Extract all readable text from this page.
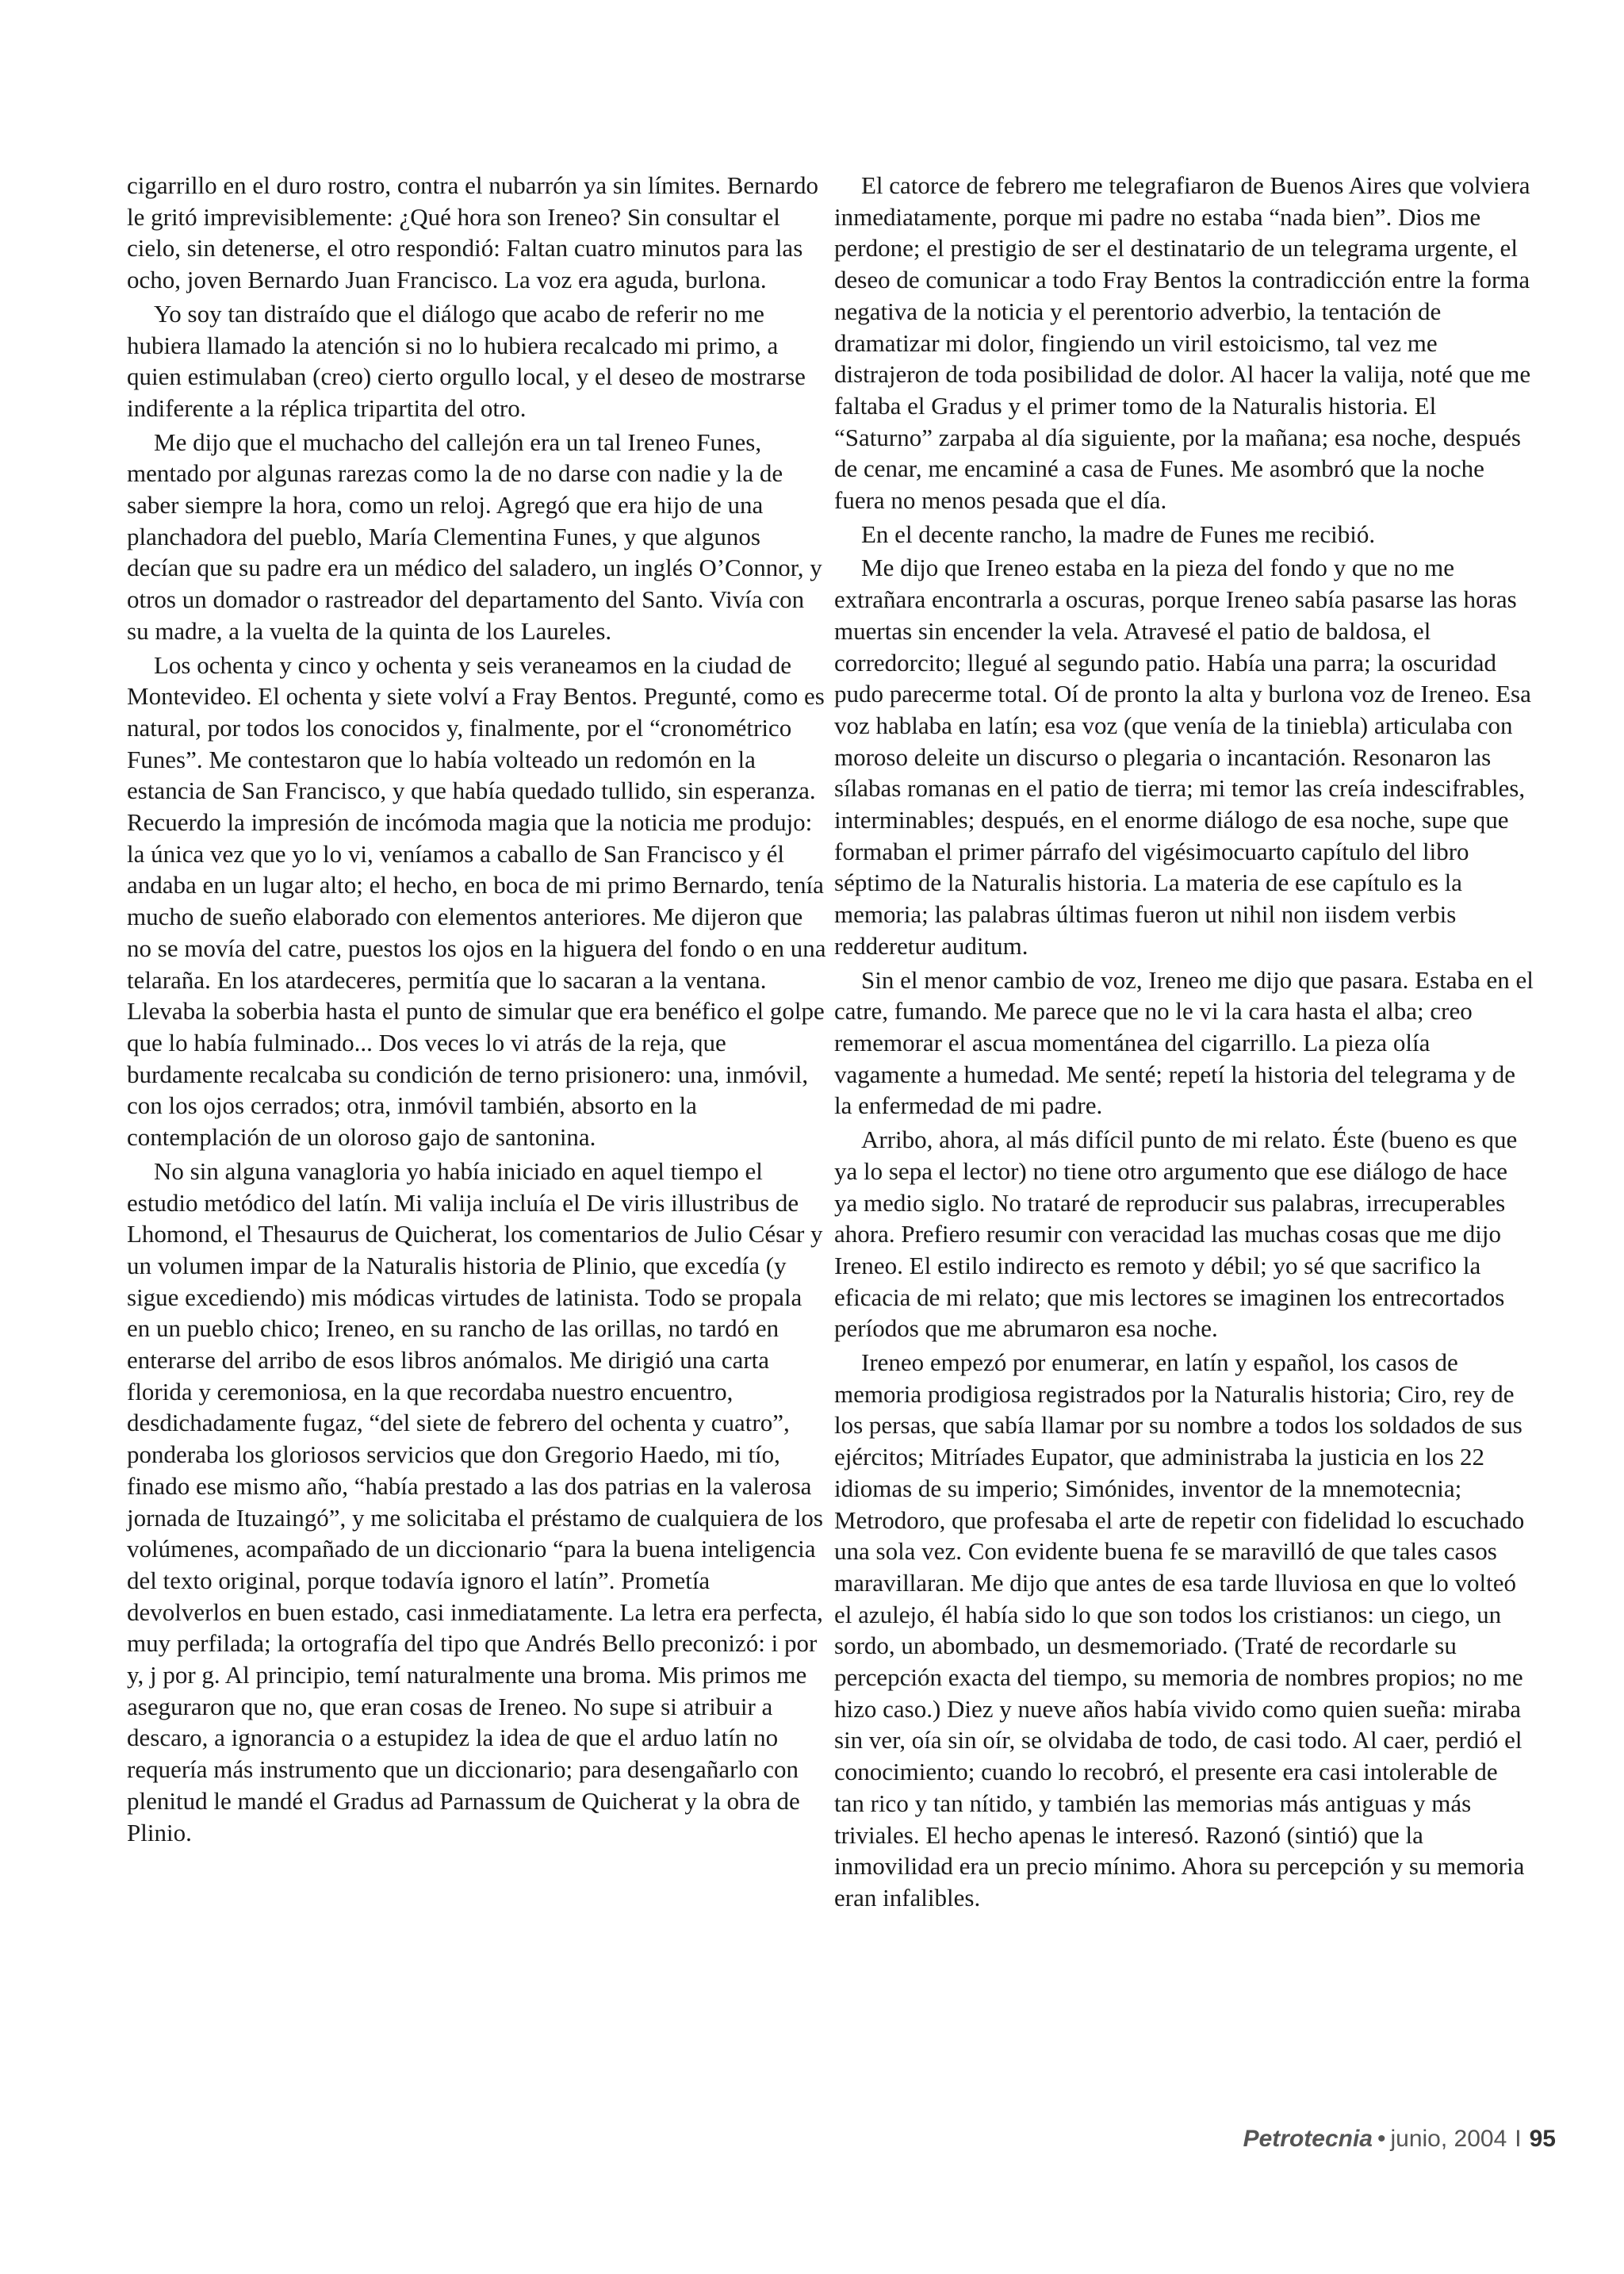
cigarrillo en el duro rostro, contra el nubarrón ya sin límites. Bernardo le gritó imprevisiblemente: ¿Qué hora son Ireneo? Sin consultar el cielo, sin detenerse, el otro respondió: Faltan cuatro minutos para las ocho, joven Bernardo Juan Francisco. La voz era aguda, burlona.

Yo soy tan distraído que el diálogo que acabo de referir no me hubiera llamado la atención si no lo hubiera recalcado mi primo, a quien estimulaban (creo) cierto orgullo local, y el deseo de mostrarse indiferente a la réplica tripartita del otro.

Me dijo que el muchacho del callejón era un tal Ireneo Funes, mentado por algunas rarezas como la de no darse con nadie y la de saber siempre la hora, como un reloj. Agregó que era hijo de una planchadora del pueblo, María Clementina Funes, y que algunos decían que su padre era un médico del saladero, un inglés O’Connor, y otros un domador o rastreador del departamento del Santo. Vivía con su madre, a la vuelta de la quinta de los Laureles.

Los ochenta y cinco y ochenta y seis veraneamos en la ciudad de Montevideo. El ochenta y siete volví a Fray Bentos. Pregunté, como es natural, por todos los conocidos y, finalmente, por el “cronométrico Funes”. Me contestaron que lo había volteado un redomón en la estancia de San Francisco, y que había quedado tullido, sin esperanza. Recuerdo la impresión de incómoda magia que la noticia me produjo: la única vez que yo lo vi, veníamos a caballo de San Francisco y él andaba en un lugar alto; el hecho, en boca de mi primo Bernardo, tenía mucho de sueño elaborado con elementos anteriores. Me dijeron que no se movía del catre, puestos los ojos en la higuera del fondo o en una telaraña. En los atardeceres, permitía que lo sacaran a la ventana. Llevaba la soberbia hasta el punto de simular que era benéfico el golpe que lo había fulminado... Dos veces lo vi atrás de la reja, que burdamente recalcaba su condición de terno prisionero: una, inmóvil, con los ojos cerrados; otra, inmóvil también, absorto en la contemplación de un oloroso gajo de santonina.

No sin alguna vanagloria yo había iniciado en aquel tiempo el estudio metódico del latín. Mi valija incluía el De viris illustribus de Lhomond, el Thesaurus de Quicherat, los comentarios de Julio César y un volumen impar de la Naturalis historia de Plinio, que excedía (y sigue excediendo) mis módicas virtudes de latinista. Todo se propala en un pueblo chico; Ireneo, en su rancho de las orillas, no tardó en enterarse del arribo de esos libros anómalos. Me dirigió una carta florida y ceremoniosa, en la que recordaba nuestro encuentro, desdichadamente fugaz, “del siete de febrero del ochenta y cuatro”, ponderaba los gloriosos servicios que don Gregorio Haedo, mi tío, finado ese mismo año, “había prestado a las dos patrias en la valerosa jornada de Ituzaingó”, y me solicitaba el préstamo de cualquiera de los volúmenes, acompañado de un diccionario “para la buena inteligencia del texto original, porque todavía ignoro el latín”. Prometía devolverlos en buen estado, casi inmediatamente. La letra era perfecta, muy perfilada; la ortografía del tipo que Andrés Bello preconizó: i por y, j por g. Al principio, temí naturalmente una broma. Mis primos me aseguraron que no, que eran cosas de Ireneo. No supe si atribuir a descaro, a ignorancia o a estupidez la idea de que el arduo latín no requería más instrumento que un diccionario; para desengañarlo con plenitud le mandé el Gradus ad Parnassum de Quicherat y la obra de Plinio.

El catorce de febrero me telegrafiaron de Buenos Aires que volviera inmediatamente, porque mi padre no estaba “nada bien”. Dios me perdone; el prestigio de ser el destinatario de un telegrama urgente, el deseo de comunicar a todo Fray Bentos la contradicción entre la forma negativa de la noticia y el perentorio adverbio, la tentación de dramatizar mi dolor, fingiendo un viril estoicismo, tal vez me distrajeron de toda posibilidad de dolor. Al hacer la valija, noté que me faltaba el Gradus y el primer tomo de la Naturalis historia. El “Saturno” zarpaba al día siguiente, por la mañana; esa noche, después de cenar, me encaminé a casa de Funes. Me asombró que la noche fuera no menos pesada que el día.

En el decente rancho, la madre de Funes me recibió.

Me dijo que Ireneo estaba en la pieza del fondo y que no me extrañara encontrarla a oscuras, porque Ireneo sabía pasarse las horas muertas sin encender la vela. Atravesé el patio de baldosa, el corredorcito; llegué al segundo patio. Había una parra; la oscuridad pudo parecerme total. Oí de pronto la alta y burlona voz de Ireneo. Esa voz hablaba en latín; esa voz (que venía de la tiniebla) articulaba con moroso deleite un discurso o plegaria o incantación. Resonaron las sílabas romanas en el patio de tierra; mi temor las creía indescifrables, interminables; después, en el enorme diálogo de esa noche, supe que formaban el primer párrafo del vigésimocuarto capítulo del libro séptimo de la Naturalis historia. La materia de ese capítulo es la memoria; las palabras últimas fueron ut nihil non iisdem verbis redderetur auditum.

Sin el menor cambio de voz, Ireneo me dijo que pasara. Estaba en el catre, fumando. Me parece que no le vi la cara hasta el alba; creo rememorar el ascua momentánea del cigarrillo. La pieza olía vagamente a humedad. Me senté; repetí la historia del telegrama y de la enfermedad de mi padre.

Arribo, ahora, al más difícil punto de mi relato. Éste (bueno es que ya lo sepa el lector) no tiene otro argumento que ese diálogo de hace ya medio siglo. No trataré de reproducir sus palabras, irrecuperables ahora. Prefiero resumir con veracidad las muchas cosas que me dijo Ireneo. El estilo indirecto es remoto y débil; yo sé que sacrifico la eficacia de mi relato; que mis lectores se imaginen los entrecortados períodos que me abrumaron esa noche.

Ireneo empezó por enumerar, en latín y español, los casos de memoria prodigiosa registrados por la Naturalis historia; Ciro, rey de los persas, que sabía llamar por su nombre a todos los soldados de sus ejércitos; Mitríades Eupator, que administraba la justicia en los 22 idiomas de su imperio; Simónides, inventor de la mnemotecnia; Metrodoro, que profesaba el arte de repetir con fidelidad lo escuchado una sola vez. Con evidente buena fe se maravilló de que tales casos maravillaran. Me dijo que antes de esa tarde lluviosa en que lo volteó el azulejo, él había sido lo que son todos los cristianos: un ciego, un sordo, un abombado, un desmemoriado. (Traté de recordarle su percepción exacta del tiempo, su memoria de nombres propios; no me hizo caso.) Diez y nueve años había vivido como quien sueña: miraba sin ver, oía sin oír, se olvidaba de todo, de casi todo. Al caer, perdió el conocimiento; cuando lo recobró, el presente era casi intolerable de tan rico y tan nítido, y también las memorias más antiguas y más triviales. El hecho apenas le interesó. Razonó (sintió) que la inmovilidad era un precio mínimo. Ahora su percepción y su memoria eran infalibles.

Petrotecnia • junio, 2004 I 95
